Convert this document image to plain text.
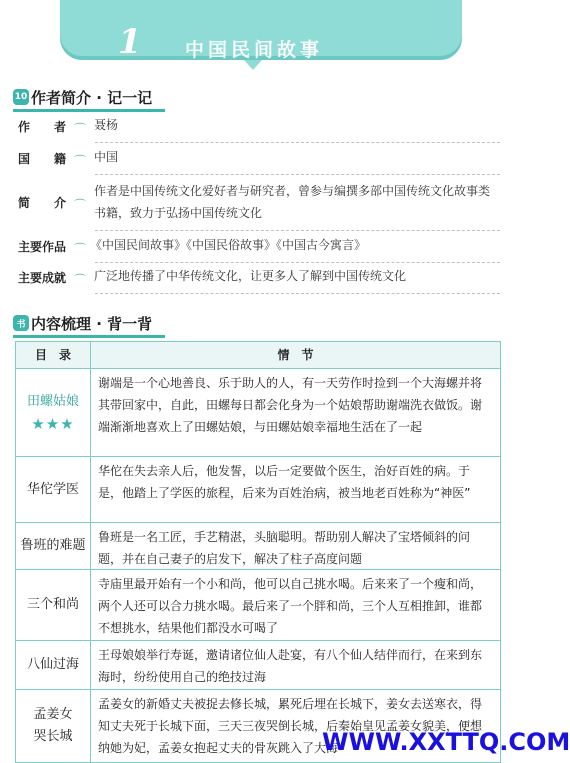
1 中国民间故事
10 作者简介 · 记一记
作　　者 ⌒ 聂杨
国　　籍 ⌒ 中国
简　　介 ⌒
作者是中国传统文化爱好者与研究者，曾参与编撰多部中国传统文化故事类书籍，致力于弘扬中国传统文化
主要作品 ⌒ 《中国民间故事》《中国民俗故事》《中国古今寓言》
主要成就 ⌒ 广泛地传播了中华传统文化，让更多人了解到中国传统文化
书 内容梳理 · 背一背
目　录	情　节
田螺姑娘
★★★
谢端是一个心地善良、乐于助人的人，有一天劳作时捡到一个大海螺并将其带回家中，自此，田螺每日都会化身为一个姑娘帮助谢端洗衣做饭。谢端渐渐地喜欢上了田螺姑娘，与田螺姑娘幸福地生活在了一起
华佗学医
华佗在失去亲人后，他发誓，以后一定要做个医生，治好百姓的病。于是，他踏上了学医的旅程，后来为百姓治病，被当地老百姓称为“神医”
鲁班的难题
鲁班是一名工匠，手艺精湛，头脑聪明。帮助别人解决了宝塔倾斜的问题，并在自己妻子的启发下，解决了柱子高度问题
三个和尚
寺庙里最开始有一个小和尚，他可以自己挑水喝。后来来了一个瘦和尚，两个人还可以合力挑水喝。最后来了一个胖和尚，三个人互相推卸，谁都不想挑水，结果他们都没水可喝了
八仙过海
王母娘娘举行寿诞，邀请诸位仙人赴宴，有八个仙人结伴而行，在来到东海时，纷纷使用自己的绝技过海
孟姜女
哭长城
孟姜女的新婚丈夫被捉去修长城，累死后埋在长城下，姜女去送寒衣，得知丈夫死于长城下面，三天三夜哭倒长城，后秦始皇见孟姜女貌美，便想纳她为妃，孟姜女抱起丈夫的骨灰跳入了大海
WWW.XXTTQ.COM
